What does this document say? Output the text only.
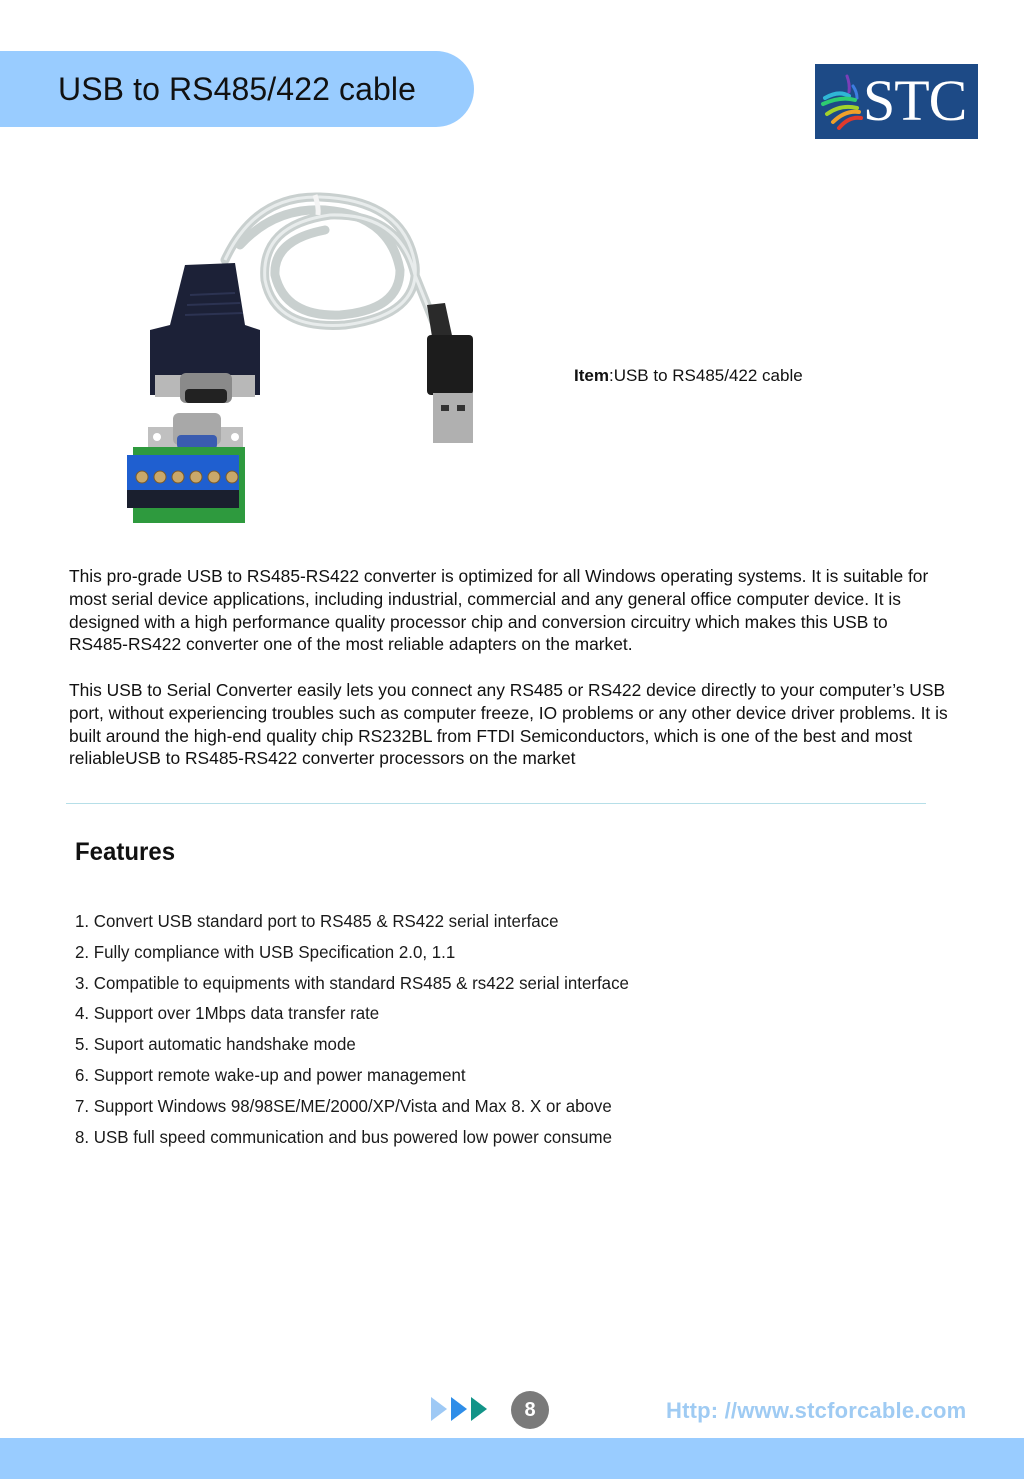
USB to RS485/422 cable	STC
Item:USB to RS485/422 cable

This pro-grade USB to RS485-RS422 converter is optimized for all Windows operating systems. It is suitable for most serial device applications, including industrial, commercial and any general office computer device. It is designed with a high performance quality processor chip and conversion circuitry which makes this USB to RS485-RS422 converter one of the most reliable adapters on the market.

This USB to Serial Converter easily lets you connect any RS485 or RS422 device directly to your computer’s USB port, without experiencing troubles such as computer freeze, IO problems or any other device driver problems. It is built around the high-end quality chip RS232BL from FTDI Semiconductors, which is one of the best and most reliableUSB to RS485-RS422 converter processors on the market

Features
1. Convert USB standard port to RS485 & RS422 serial interface
2. Fully compliance with USB Specification 2.0, 1.1
3. Compatible to equipments with standard RS485 & rs422 serial interface
4. Support over 1Mbps data transfer rate
5. Suport automatic handshake mode
6. Support remote wake-up and power management
7. Support Windows 98/98SE/ME/2000/XP/Vista and Max 8. X or above
8. USB full speed communication and bus powered low power consume
8	Http: //www.stcforcable.com
